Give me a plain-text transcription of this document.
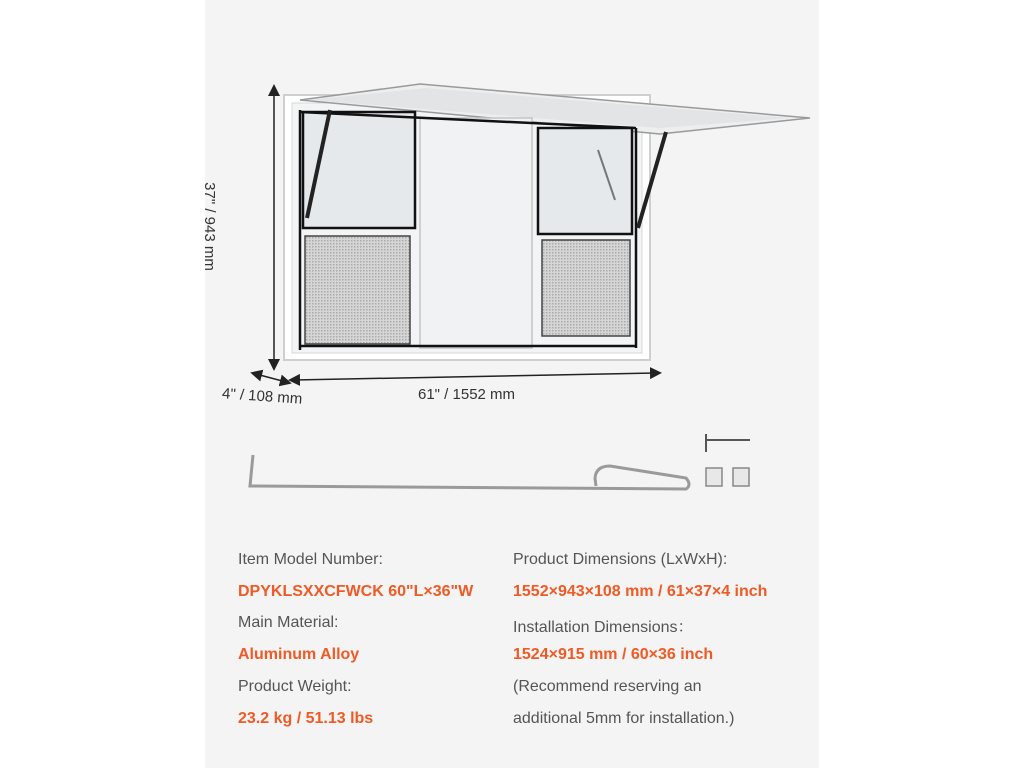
37" / 943 mm
4" / 108 mm	61" / 1552 mm
Item Model Number:
DPYKLSXXCFWCK 60"L×36"W
Main Material:
Aluminum Alloy
Product Weight:
23.2 kg / 51.13 lbs
Product Dimensions (LxWxH):
1552×943×108 mm / 61×37×4 inch
Installation Dimensions：
1524×915 mm / 60×36 inch
(Recommend reserving an
additional 5mm for installation.)
